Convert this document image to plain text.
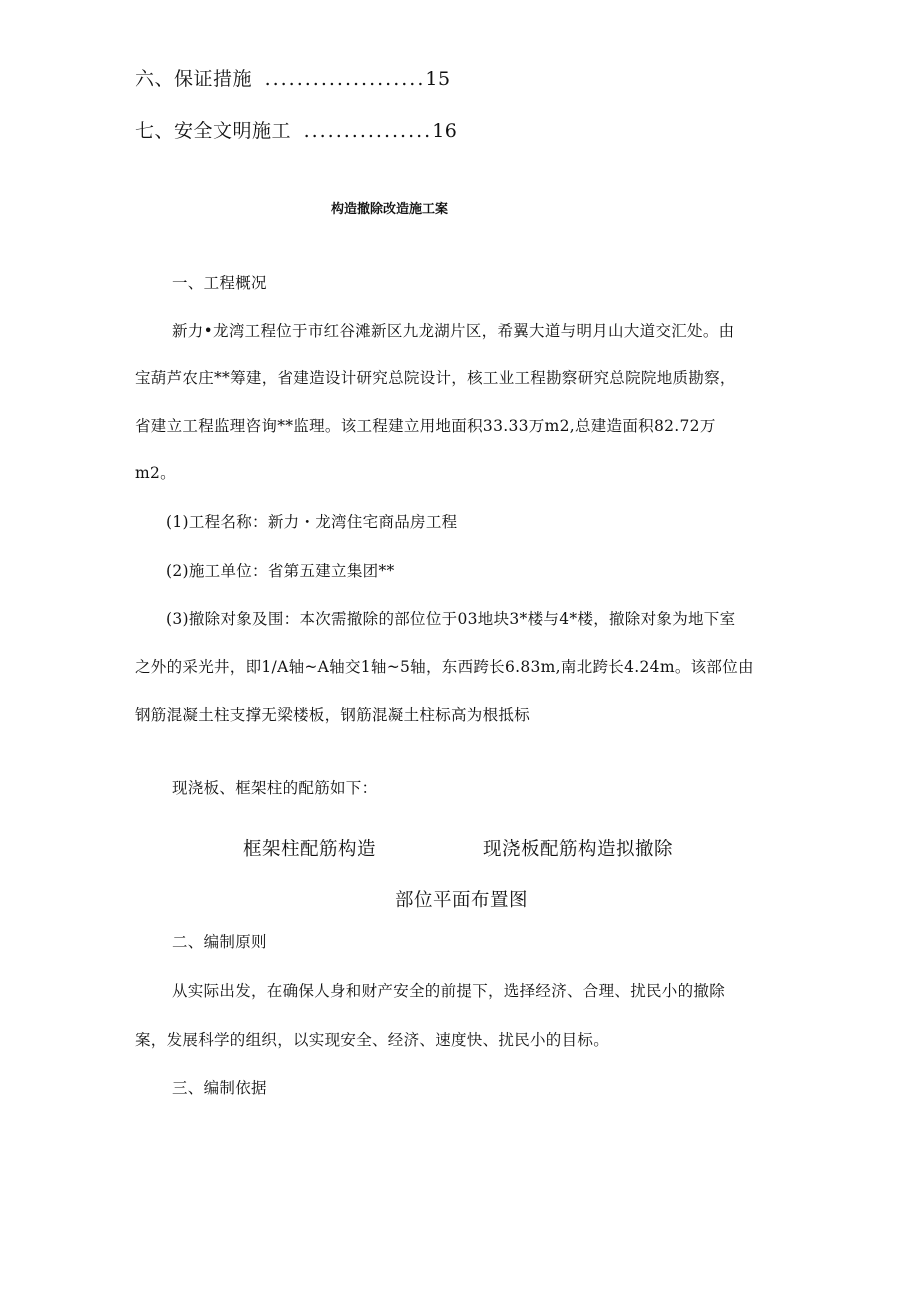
六、保证措施 ....................15
七、安全文明施工 ................16
构造撤除改造施工案
一、工程概况
新力•龙湾工程位于市红谷滩新区九龙湖片区，希翼大道与明月山大道交汇处。由
宝葫芦农庄**筹建，省建造设计研究总院设计，核工业工程勘察研究总院院地质勘察，
省建立工程监理咨询**监理。该工程建立用地面积33.33万m2,总建造面积82.72万
m2。
(1)工程名称：新力・龙湾住宅商品房工程
(2)施工单位：省第五建立集团**
(3)撤除对象及围：本次需撤除的部位位于03地块3*楼与4*楼，撤除对象为地下室
之外的采光井，即1/A轴~A轴交1轴~5轴，东西跨长6.83m,南北跨长4.24m。该部位由
钢筋混凝土柱支撑无梁楼板，钢筋混凝土柱标高为根抵标
现浇板、框架柱的配筋如下：
框架柱配筋构造	现浇板配筋构造拟撤除
部位平面布置图
二、编制原则
从实际出发，在确保人身和财产安全的前提下，选择经济、合理、扰民小的撤除
案，发展科学的组织，以实现安全、经济、速度快、扰民小的目标。
三、编制依据
